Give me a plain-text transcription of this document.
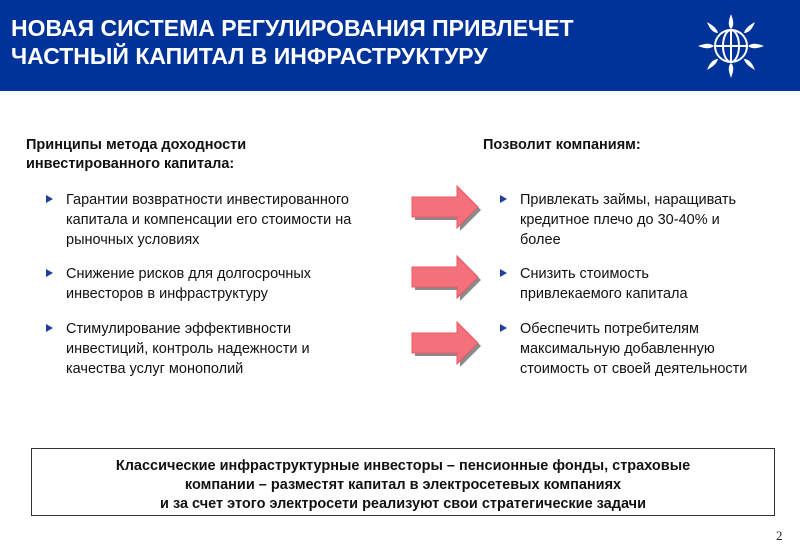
НОВАЯ СИСТЕМА РЕГУЛИРОВАНИЯ ПРИВЛЕЧЕТ
ЧАСТНЫЙ КАПИТАЛ В ИНФРАСТРУКТУРУ
Принципы метода доходности
инвестированного капитала:
Позволит компаниям:
Гарантии возвратности инвестированного
капитала и компенсации его стоимости на
рыночных условиях
Снижение рисков для долгосрочных
инвесторов в инфраструктуру
Стимулирование эффективности
инвестиций, контроль надежности и
качества услуг монополий
Привлекать займы, наращивать
кредитное плечо до 30-40% и
более
Снизить стоимость
привлекаемого капитала
Обеспечить потребителям
максимальную добавленную
стоимость от своей деятельности
Классические инфраструктурные инвесторы – пенсионные фонды, страховые
компании – разместят капитал в электросетевых компаниях
и за счет этого электросети реализуют свои стратегические задачи
2
